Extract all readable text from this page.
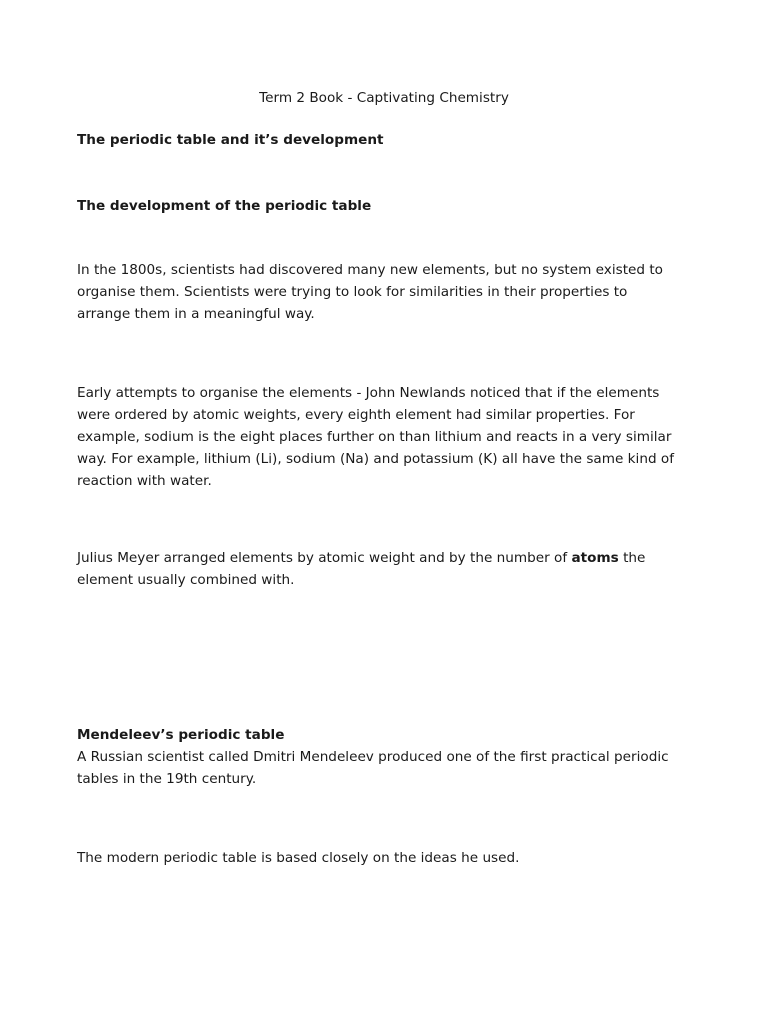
Term 2 Book - Captivating Chemistry
The periodic table and it’s development
The development of the periodic table

In the 1800s, scientists had discovered many new elements, but no system existed to organise them. Scientists were trying to look for similarities in their properties to arrange them in a meaningful way.

Early attempts to organise the elements - John Newlands noticed that if the elements were ordered by atomic weights, every eighth element had similar properties. For example, sodium is the eight places further on than lithium and reacts in a very similar way. For example, lithium (Li), sodium (Na) and potassium (K) all have the same kind of reaction with water.

Julius Meyer arranged elements by atomic weight and by the number of atoms the element usually combined with.

Mendeleev’s periodic table

A Russian scientist called Dmitri Mendeleev produced one of the first practical periodic tables in the 19th century.

The modern periodic table is based closely on the ideas he used.
